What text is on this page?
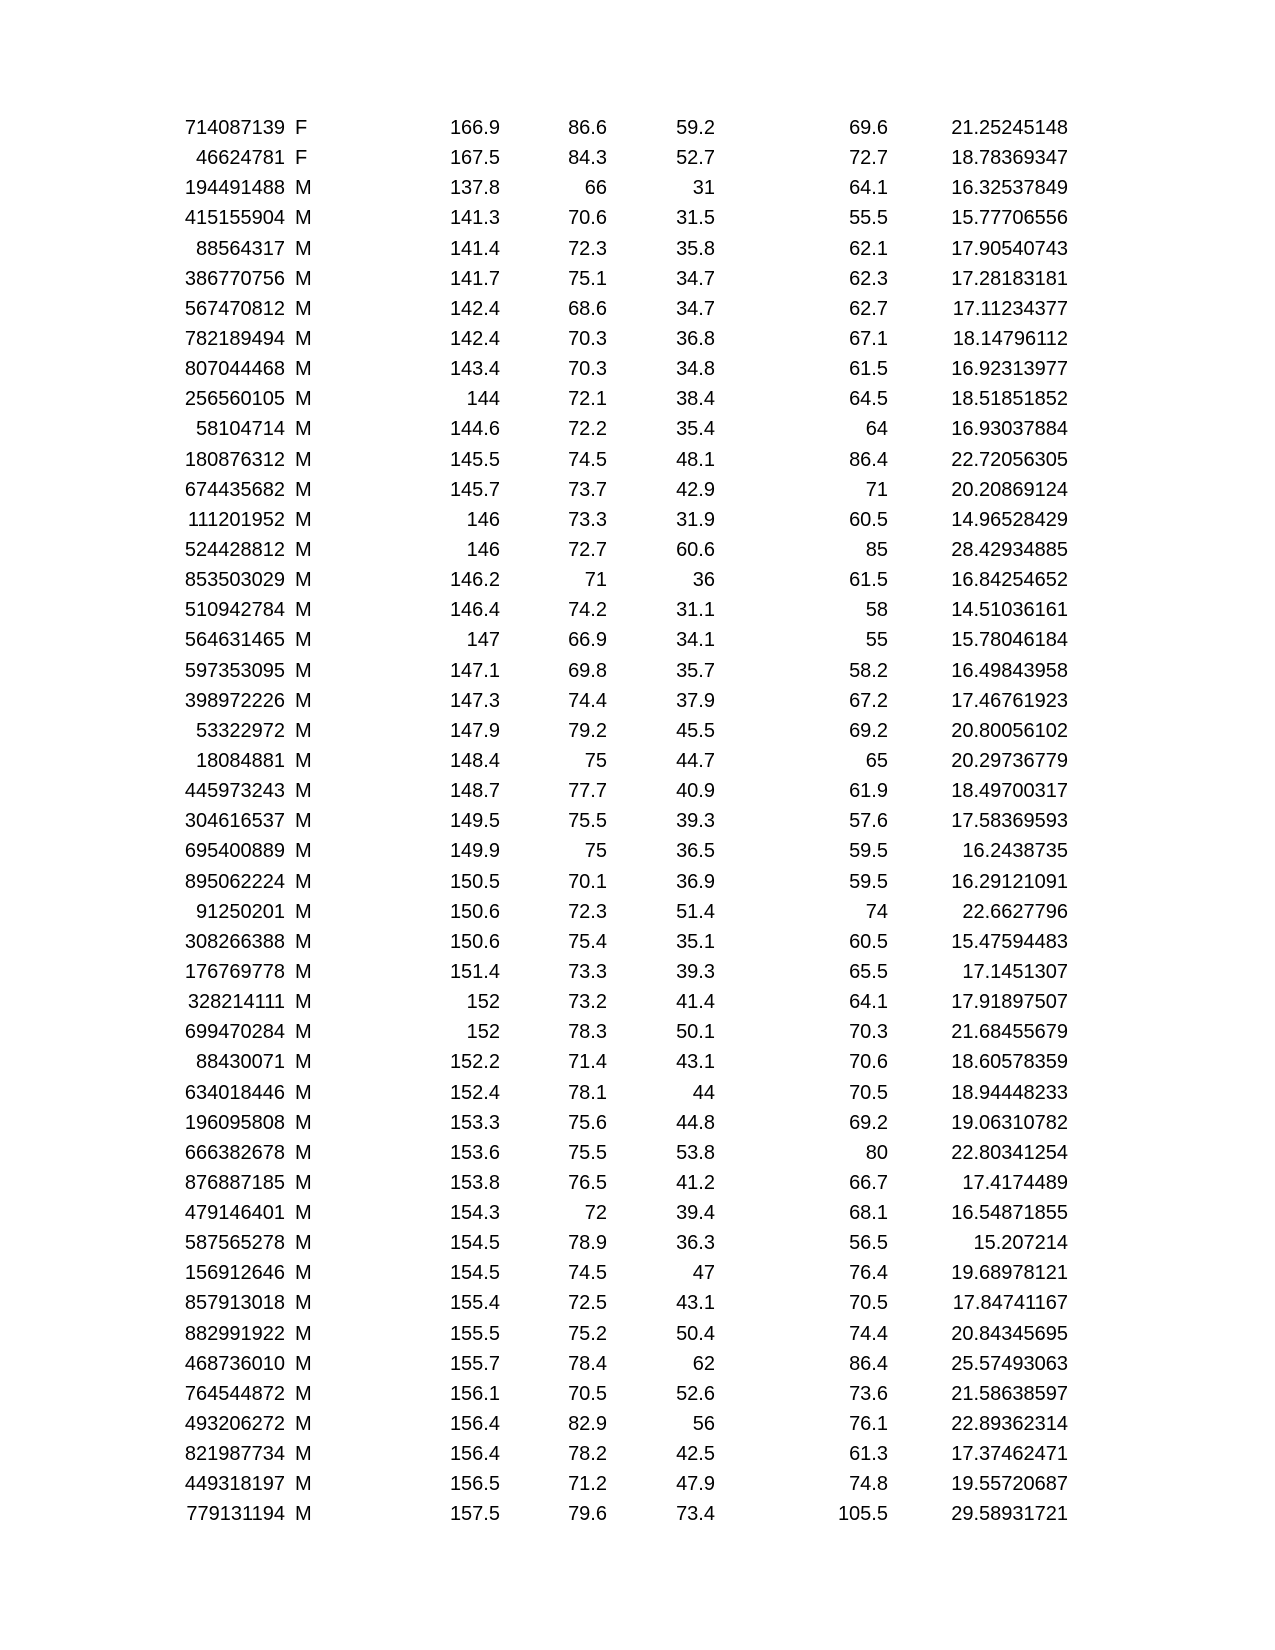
714087139 F	166.9	86.6	59.2	69.6	21.25245148
46624781 F	167.5	84.3	52.7	72.7	18.78369347
194491488 M	137.8	66	31	64.1	16.32537849
415155904 M	141.3	70.6	31.5	55.5	15.77706556
88564317 M	141.4	72.3	35.8	62.1	17.90540743
386770756 M	141.7	75.1	34.7	62.3	17.28183181
567470812 M	142.4	68.6	34.7	62.7	17.11234377
782189494 M	142.4	70.3	36.8	67.1	18.14796112
807044468 M	143.4	70.3	34.8	61.5	16.92313977
256560105 M	144	72.1	38.4	64.5	18.51851852
58104714 M	144.6	72.2	35.4	64	16.93037884
180876312 M	145.5	74.5	48.1	86.4	22.72056305
674435682 M	145.7	73.7	42.9	71	20.20869124
111201952 M	146	73.3	31.9	60.5	14.96528429
524428812 M	146	72.7	60.6	85	28.42934885
853503029 M	146.2	71	36	61.5	16.84254652
510942784 M	146.4	74.2	31.1	58	14.51036161
564631465 M	147	66.9	34.1	55	15.78046184
597353095 M	147.1	69.8	35.7	58.2	16.49843958
398972226 M	147.3	74.4	37.9	67.2	17.46761923
53322972 M	147.9	79.2	45.5	69.2	20.80056102
18084881 M	148.4	75	44.7	65	20.29736779
445973243 M	148.7	77.7	40.9	61.9	18.49700317
304616537 M	149.5	75.5	39.3	57.6	17.58369593
695400889 M	149.9	75	36.5	59.5	16.2438735
895062224 M	150.5	70.1	36.9	59.5	16.29121091
91250201 M	150.6	72.3	51.4	74	22.6627796
308266388 M	150.6	75.4	35.1	60.5	15.47594483
176769778 M	151.4	73.3	39.3	65.5	17.1451307
328214111 M	152	73.2	41.4	64.1	17.91897507
699470284 M	152	78.3	50.1	70.3	21.68455679
88430071 M	152.2	71.4	43.1	70.6	18.60578359
634018446 M	152.4	78.1	44	70.5	18.94448233
196095808 M	153.3	75.6	44.8	69.2	19.06310782
666382678 M	153.6	75.5	53.8	80	22.80341254
876887185 M	153.8	76.5	41.2	66.7	17.4174489
479146401 M	154.3	72	39.4	68.1	16.54871855
587565278 M	154.5	78.9	36.3	56.5	15.207214
156912646 M	154.5	74.5	47	76.4	19.68978121
857913018 M	155.4	72.5	43.1	70.5	17.84741167
882991922 M	155.5	75.2	50.4	74.4	20.84345695
468736010 M	155.7	78.4	62	86.4	25.57493063
764544872 M	156.1	70.5	52.6	73.6	21.58638597
493206272 M	156.4	82.9	56	76.1	22.89362314
821987734 M	156.4	78.2	42.5	61.3	17.37462471
449318197 M	156.5	71.2	47.9	74.8	19.55720687
779131194 M	157.5	79.6	73.4	105.5	29.58931721
